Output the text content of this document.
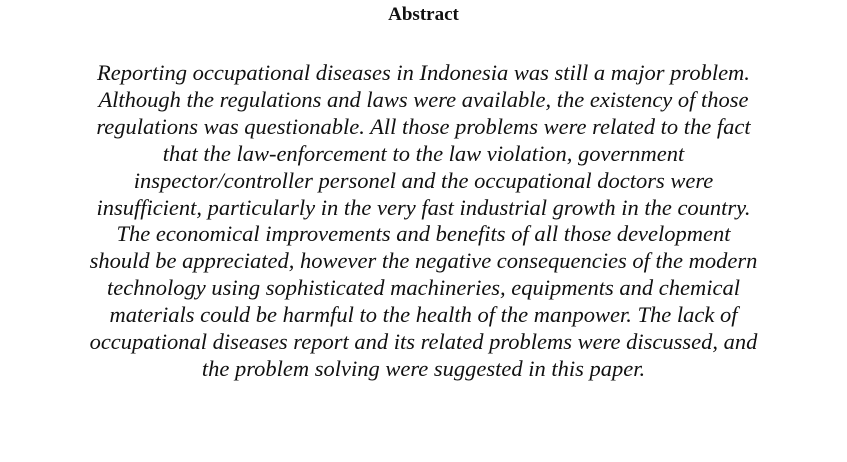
Abstract
Reporting occupational diseases in Indonesia was still a major problem.
Although the regulations and laws were available, the existency of those
regulations was questionable. All those problems were related to the fact
that the law-enforcement to the law violation, government
inspector/controller personel and the occupational doctors were
insufficient, particularly in the very fast industrial growth in the country.
The economical improvements and benefits of all those development
should be appreciated, however the negative consequencies of the modern
technology using sophisticated machineries, equipments and chemical
materials could be harmful to the health of the manpower. The lack of
occupational diseases report and its related problems were discussed, and
the problem solving were suggested in this paper.
